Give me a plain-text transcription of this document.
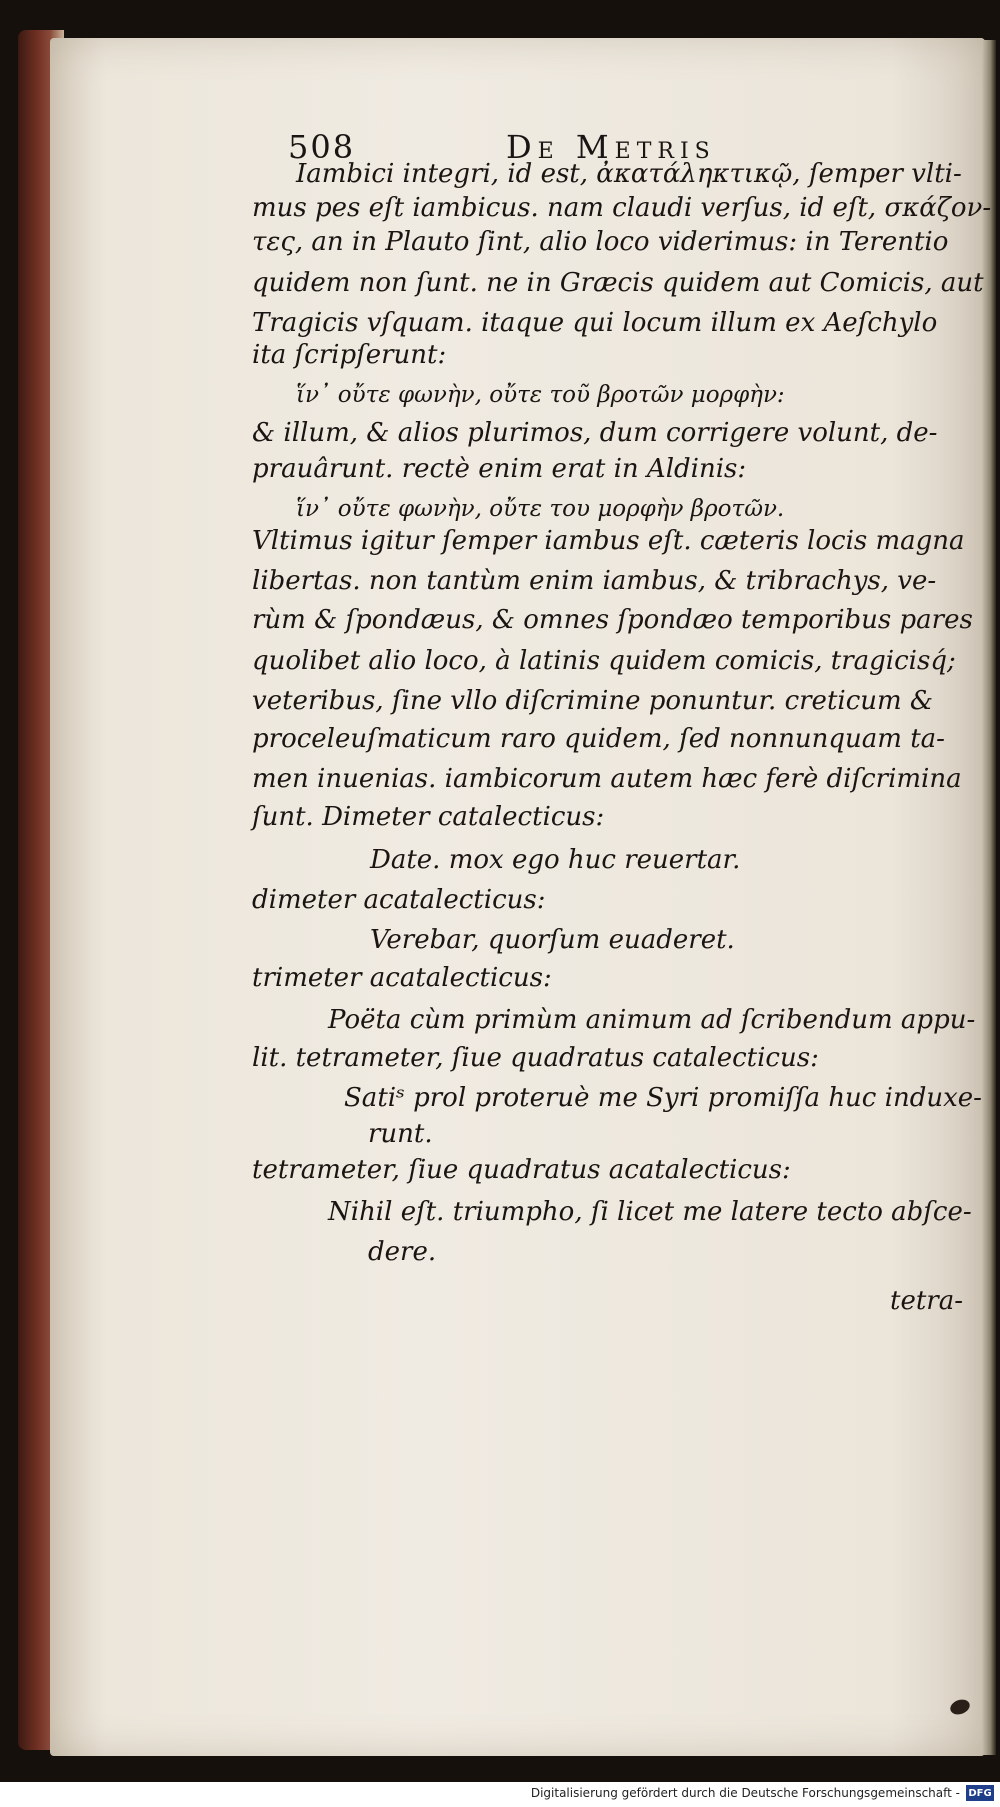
508	De Metris
Iambici integri, id est, ἀκατάληκτικῷ, ſemper vlti-
mus pes eſt iambicus. nam claudi verſus, id eſt, σκάζον-
τες, an in Plauto ſint, alio loco viderimus: in Terentio
quidem non ſunt. ne in Græcis quidem aut Comicis, aut
Tragicis vſquam. itaque qui locum illum ex Aeſchylo
ita ſcripſerunt:
ἵν᾽ οὔτε φωνὴν, οὔτε τοῦ βροτῶν μορφὴν:
& illum, & alios plurimos, dum corrigere volunt, de-
prauârunt. rectè enim erat in Aldinis:
ἵν᾽ οὔτε φωνὴν, οὔτε του μορφὴν βροτῶν.
Vltimus igitur ſemper iambus eſt. cæteris locis magna
libertas. non tantùm enim iambus, & tribrachys, ve-
rùm & ſpondæus, & omnes ſpondæo temporibus pares
quolibet alio loco, à latinis quidem comicis, tragicisq́;
veteribus, ſine vllo diſcrimine ponuntur. creticum &
proceleuſmaticum raro quidem, ſed nonnunquam ta-
men inuenias. iambicorum autem hæc ferè diſcrimina
ſunt. Dimeter catalecticus:
Date. mox ego huc reuertar.
dimeter acatalecticus:
Verebar, quorſum euaderet.
trimeter acatalecticus:
Poëta cùm primùm animum ad ſcribendum appu-
lit. tetrameter, ſiue quadratus catalecticus:
Satiˢ prol proteruè me Syri promiſſa huc induxe-
runt.
tetrameter, ſiue quadratus acatalecticus:
Nihil eſt. triumpho, ſi licet me latere tecto abſce-
dere.
tetra-
Digitalisierung gefördert durch die Deutsche Forschungsgemeinschaft - DFG
